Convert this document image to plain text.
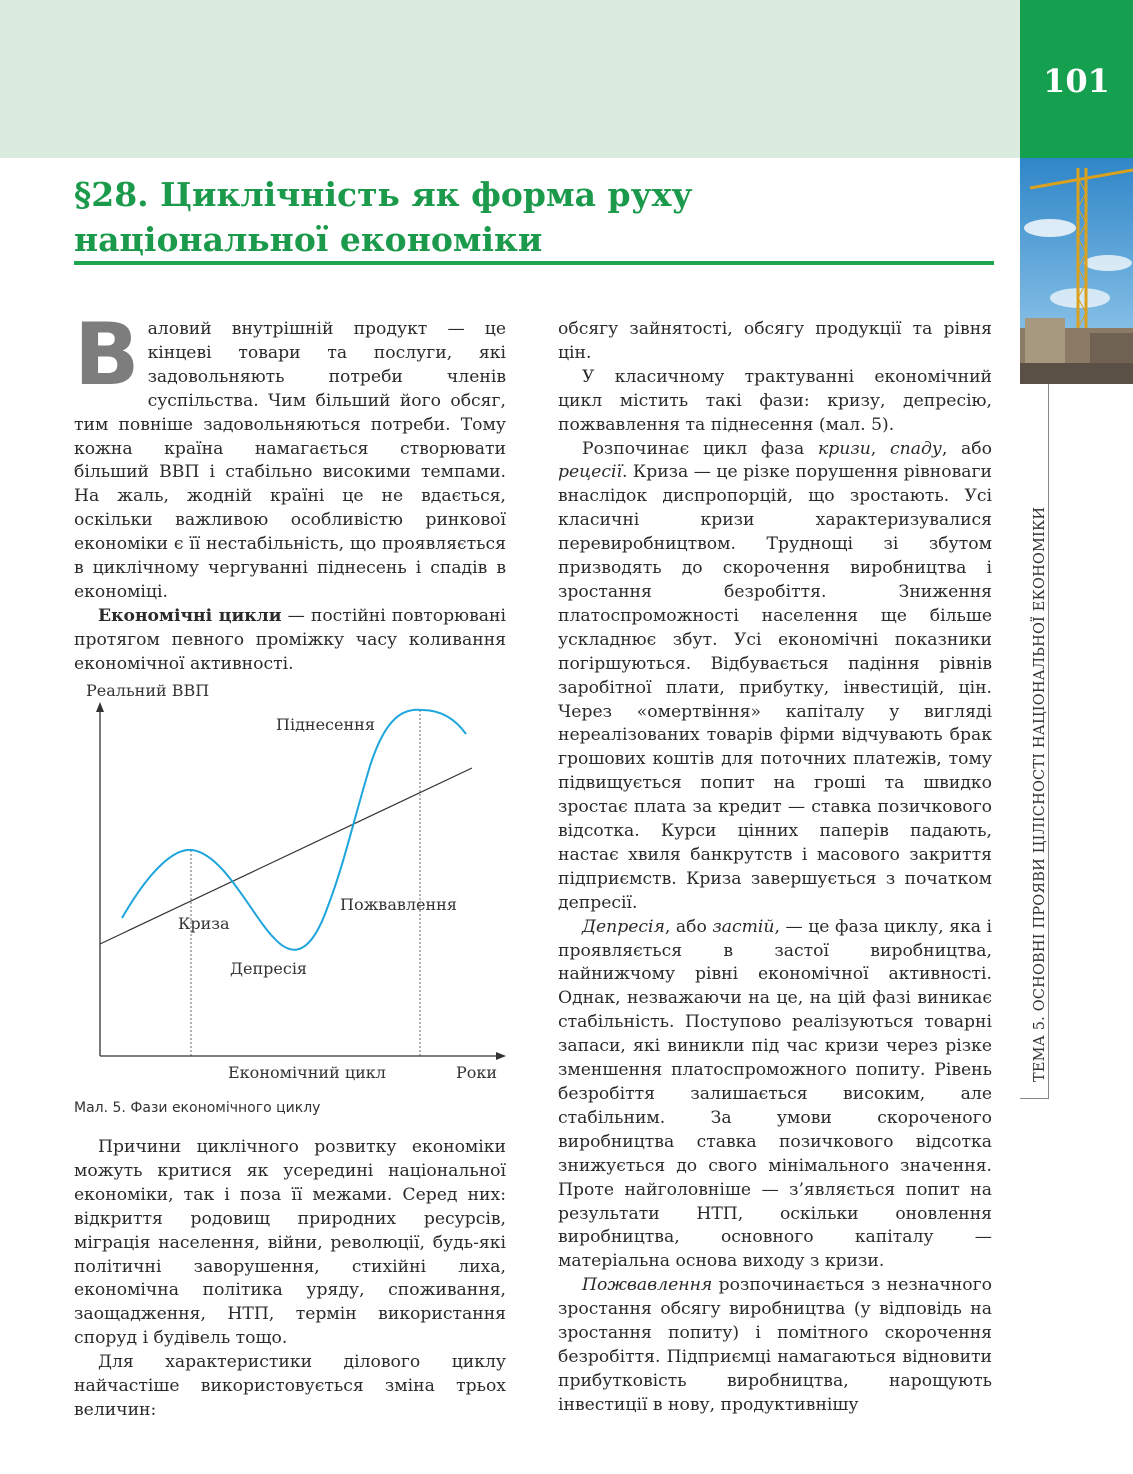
101
ТЕМА 5. ОСНОВНІ ПРОЯВИ ЦІЛІСНОСТІ НАЦІОНАЛЬНОЇ ЕКОНОМІКИ
§28. Циклічність як форма руху
національної економіки

Валовий внутрішній продукт — це кінцеві товари та послуги, які задовольняють потреби членів суспільства. Чим більший його обсяг, тим повніше задовольняються потреби. Тому кожна країна намагається створювати більший ВВП і стабільно високими темпами. На жаль, жодній країні це не вдається, оскільки важливою особливістю ринкової економіки є її нестабільність, що проявляється в циклічному чергуванні піднесень і спадів в економіці.

Економічні цикли — постійні повторювані протягом певного проміжку часу коливання економічної активності.

Реальний ВВП
Піднесення
Криза
Депресія
Пожвавлення
Економічний цикл	Роки
Мал. 5. Фази економічного циклу

Причини циклічного розвитку економіки можуть критися як усередині національної економіки, так і поза її межами. Серед них: відкриття родовищ природних ресурсів, міграція населення, війни, революції, будь-які політичні заворушення, стихійні лиха, економічна політика уряду, споживання, заощадження, НТП, термін використання споруд і будівель тощо.

Для характеристики ділового циклу найчастіше використовується зміна трьох величин:

обсягу зайнятості, обсягу продукції та рівня цін.

У класичному трактуванні економічний цикл містить такі фази: кризу, депресію, пожвавлення та піднесення (мал. 5).

Розпочинає цикл фаза кризи, спаду, або рецесії. Криза — це різке порушення рівноваги внаслідок диспропорцій, що зростають. Усі класичні кризи характеризувалися перевиробництвом. Труднощі зі збутом призводять до скорочення виробництва і зростання безробіття. Зниження платоспроможності населення ще більше ускладнює збут. Усі економічні показники погіршуються. Відбувається падіння рівнів заробітної плати, прибутку, інвестицій, цін. Через «омертвіння» капіталу у вигляді нереалізованих товарів фірми відчувають брак грошових коштів для поточних платежів, тому підвищується попит на гроші та швидко зростає плата за кредит — ставка позичкового відсотка. Курси цінних паперів падають, настає хвиля банкрутств і масового закриття підприємств. Криза завершується з початком депресії.

Депресія, або застій, — це фаза циклу, яка і проявляється в застої виробництва, найнижчому рівні економічної активності. Однак, незважаючи на це, на цій фазі виникає стабільність. Поступово реалізуються товарні запаси, які виникли під час кризи через різке зменшення платоспроможного попиту. Рівень безробіття залишається високим, але стабільним. За умови скороченого виробництва ставка позичкового відсотка знижується до свого мінімального значення. Проте найголовніше — з’являється попит на результати НТП, оскільки оновлення виробництва, основного капіталу — матеріальна основа виходу з кризи.

Пожвавлення розпочинається з незначного зростання обсягу виробництва (у відповідь на зростання попиту) і помітного скорочення безробіття. Підприємці намагаються відновити прибутковість виробництва, нарощують інвестиції в нову, продуктивнішу
